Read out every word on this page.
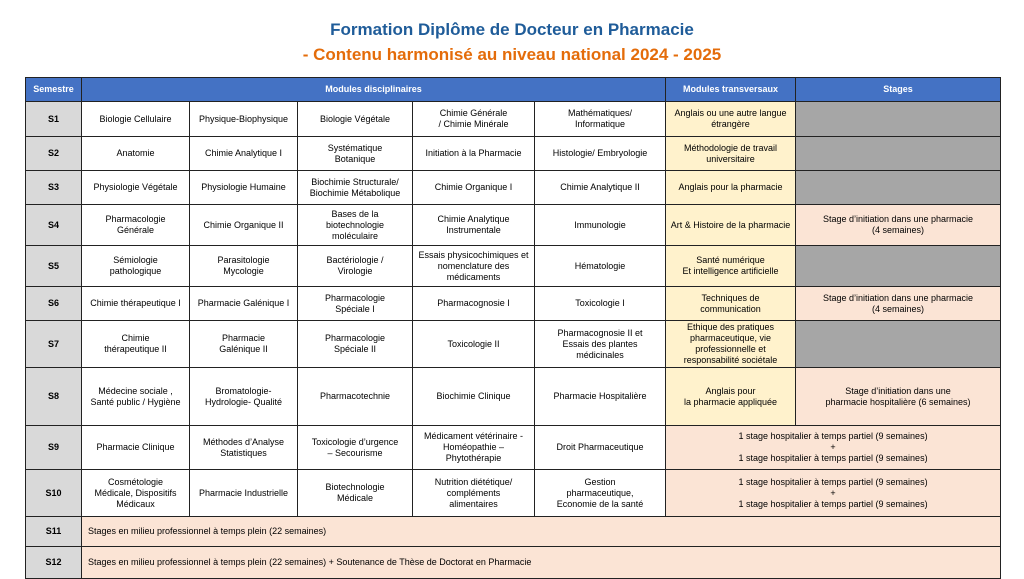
Formation Diplôme de Docteur en Pharmacie
- Contenu harmonisé au niveau national 2024 - 2025
Semestre	Modules disciplinaires					Modules transversaux	Stages
S1	Biologie Cellulaire	Physique-Biophysique	Biologie Végétale	Chimie Générale
/ Chimie Minérale	Mathématiques/
Informatique	Anglais ou une autre langue étrangère	
S2	Anatomie	Chimie Analytique I	Systématique
Botanique	Initiation à la Pharmacie	Histologie/ Embryologie	Méthodologie de travail universitaire	
S3	Physiologie Végétale	Physiologie Humaine	Biochimie Structurale/
Biochimie Métabolique	Chimie Organique I	Chimie Analytique II	Anglais pour la pharmacie	
S4	Pharmacologie
Générale	Chimie Organique II	Bases de la
biotechnologie
moléculaire	Chimie Analytique
Instrumentale	Immunologie	Art & Histoire de la pharmacie	Stage d’initiation dans une pharmacie
(4 semaines)
S5	Sémiologie
pathologique	Parasitologie
Mycologie	Bactériologie /
Virologie	Essais physicochimiques et
nomenclature des
médicaments	Hématologie	Santé numérique
Et intelligence artificielle	
S6	Chimie thérapeutique I	Pharmacie Galénique I	Pharmacologie
Spéciale I	Pharmacognosie I	Toxicologie I	Techniques de
communication	Stage d’initiation dans une pharmacie
(4 semaines)
S7	Chimie
thérapeutique II	Pharmacie
Galénique II	Pharmacologie
Spéciale II	Toxicologie II	Pharmacognosie II et
Essais des plantes
médicinales	Ethique des pratiques
pharmaceutique, vie
professionnelle et
responsabilité sociétale	
S8	Médecine sociale ,
Santé public / Hygiène	Bromatologie-
Hydrologie- Qualité	Pharmacotechnie	Biochimie Clinique	Pharmacie Hospitalière	Anglais pour
la pharmacie appliquée	Stage d’initiation dans une
pharmacie hospitalière (6 semaines)
S9	Pharmacie Clinique	Méthodes d’Analyse
Statistiques	Toxicologie d’urgence
– Secourisme	Médicament vétérinaire -
Homéopathie –
Phytothérapie	Droit Pharmaceutique	1 stage hospitalier à temps partiel (9 semaines)
+
1 stage hospitalier à temps partiel (9 semaines)	
S10	Cosmétologie
Médicale, Dispositifs
Médicaux	Pharmacie Industrielle	Biotechnologie
Médicale	Nutrition diététique/
compléments
alimentaires	Gestion
pharmaceutique,
Economie de la santé	1 stage hospitalier à temps partiel (9 semaines)
+
1 stage hospitalier à temps partiel (9 semaines)	
S11	Stages en milieu professionnel à temps plein (22 semaines)						
S12	Stages en milieu professionnel à temps plein (22 semaines) + Soutenance de Thèse de Doctorat en Pharmacie						
